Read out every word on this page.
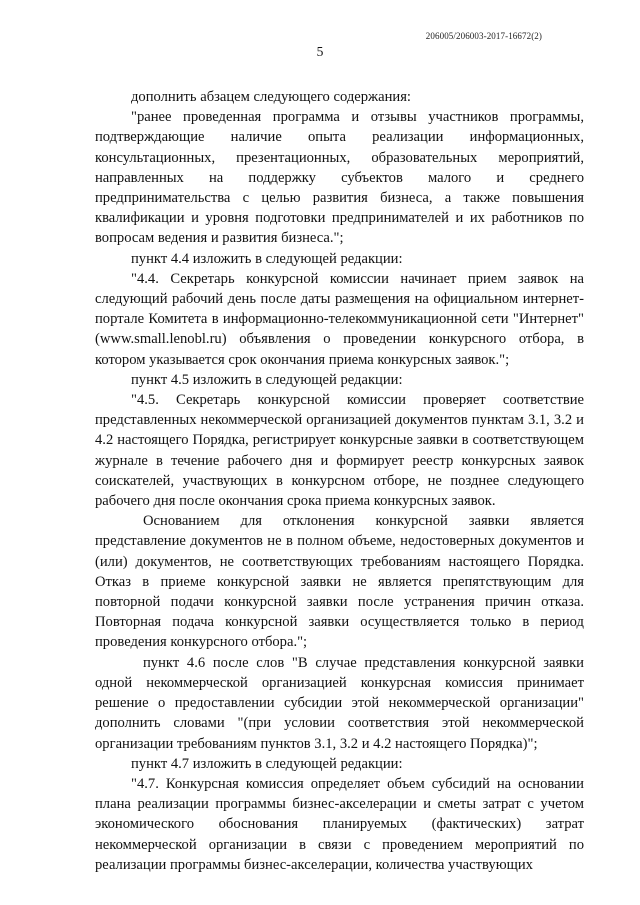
206005/206003-2017-16672(2)
5

дополнить абзацем следующего содержания:

"ранее проведенная программа и отзывы участников программы, подтверждающие наличие опыта реализации информационных, консультационных, презентационных, образовательных мероприятий, направленных на поддержку субъектов малого и среднего предпринимательства с целью развития бизнеса, а также повышения квалификации и уровня подготовки предпринимателей и их работников по вопросам ведения и развития бизнеса.";

пункт 4.4 изложить в следующей редакции:

"4.4. Секретарь конкурсной комиссии начинает прием заявок на следующий рабочий день после даты размещения на официальном интернет-портале Комитета в информационно-телекоммуникационной сети "Интернет" (www.small.lenobl.ru) объявления о проведении конкурсного отбора, в котором указывается срок окончания приема конкурсных заявок.";

пункт 4.5 изложить в следующей редакции:

"4.5. Секретарь конкурсной комиссии проверяет соответствие представленных некоммерческой организацией документов пунктам 3.1, 3.2 и 4.2 настоящего Порядка, регистрирует конкурсные заявки в соответствующем журнале в течение рабочего дня и формирует реестр конкурсных заявок соискателей, участвующих в конкурсном отборе, не позднее следующего рабочего дня после окончания срока приема конкурсных заявок.

Основанием для отклонения конкурсной заявки является представление документов не в полном объеме, недостоверных документов и (или) документов, не соответствующих требованиям настоящего Порядка. Отказ в приеме конкурсной заявки не является препятствующим для повторной подачи конкурсной заявки после устранения причин отказа. Повторная подача конкурсной заявки осуществляется только в период проведения конкурсного отбора.";

пункт 4.6 после слов "В случае представления конкурсной заявки одной некоммерческой организацией конкурсная комиссия принимает решение о предоставлении субсидии этой некоммерческой организации" дополнить словами "(при условии соответствия этой некоммерческой организации требованиям пунктов 3.1, 3.2 и 4.2 настоящего Порядка)";

пункт 4.7 изложить в следующей редакции:

"4.7. Конкурсная комиссия определяет объем субсидий на основании плана реализации программы бизнес-акселерации и сметы затрат с учетом экономического обоснования планируемых (фактических) затрат некоммерческой организации в связи с проведением мероприятий по реализации программы бизнес-акселерации, количества участвующих
